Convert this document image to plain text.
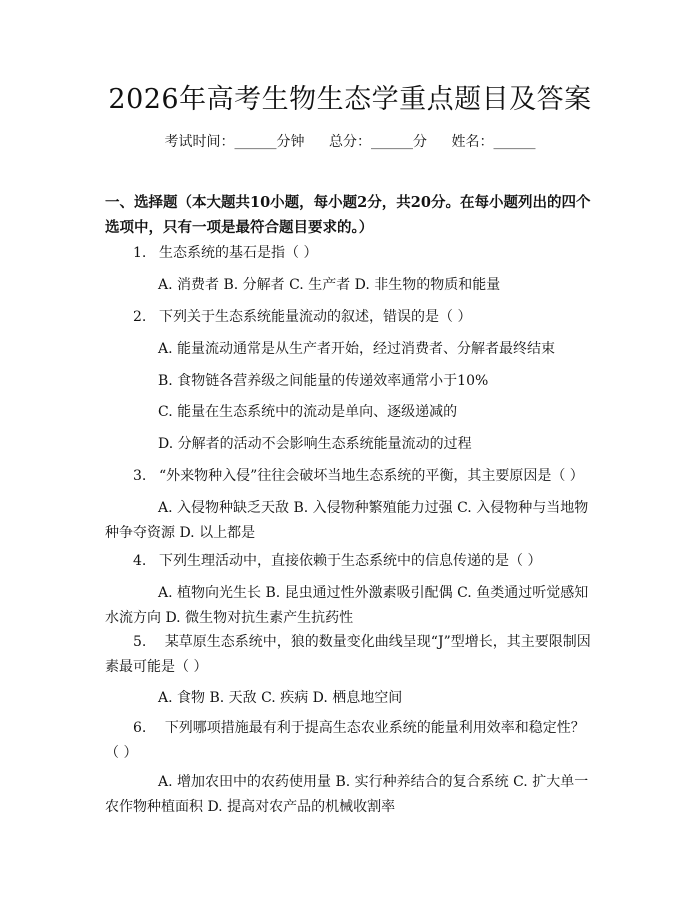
2026年高考生物生态学重点题目及答案
考试时间：______分钟 总分：______分 姓名：______
一、选择题（本大题共10小题，每小题2分，共20分。在每小题列出的四个选项中，只有一项是最符合题目要求的。）
1. 生态系统的基石是指（ ）
A. 消费者 B. 分解者 C. 生产者 D. 非生物的物质和能量
2. 下列关于生态系统能量流动的叙述，错误的是（ ）
A. 能量流动通常是从生产者开始，经过消费者、分解者最终结束
B. 食物链各营养级之间能量的传递效率通常小于10%
C. 能量在生态系统中的流动是单向、逐级递减的
D. 分解者的活动不会影响生态系统能量流动的过程
3. “外来物种入侵”往往会破坏当地生态系统的平衡，其主要原因是（ ）
A. 入侵物种缺乏天敌 B. 入侵物种繁殖能力过强 C. 入侵物种与当地物种争夺资源 D. 以上都是
4. 下列生理活动中，直接依赖于生态系统中的信息传递的是（ ）
A. 植物向光生长 B. 昆虫通过性外激素吸引配偶 C. 鱼类通过听觉感知水流方向 D. 微生物对抗生素产生抗药性
5. 某草原生态系统中，狼的数量变化曲线呈现“J”型增长，其主要限制因素最可能是（ ）
A. 食物 B. 天敌 C. 疾病 D. 栖息地空间
6. 下列哪项措施最有利于提高生态农业系统的能量利用效率和稳定性？（ ）
A. 增加农田中的农药使用量 B. 实行种养结合的复合系统 C. 扩大单一农作物种植面积 D. 提高对农产品的机械收割率
